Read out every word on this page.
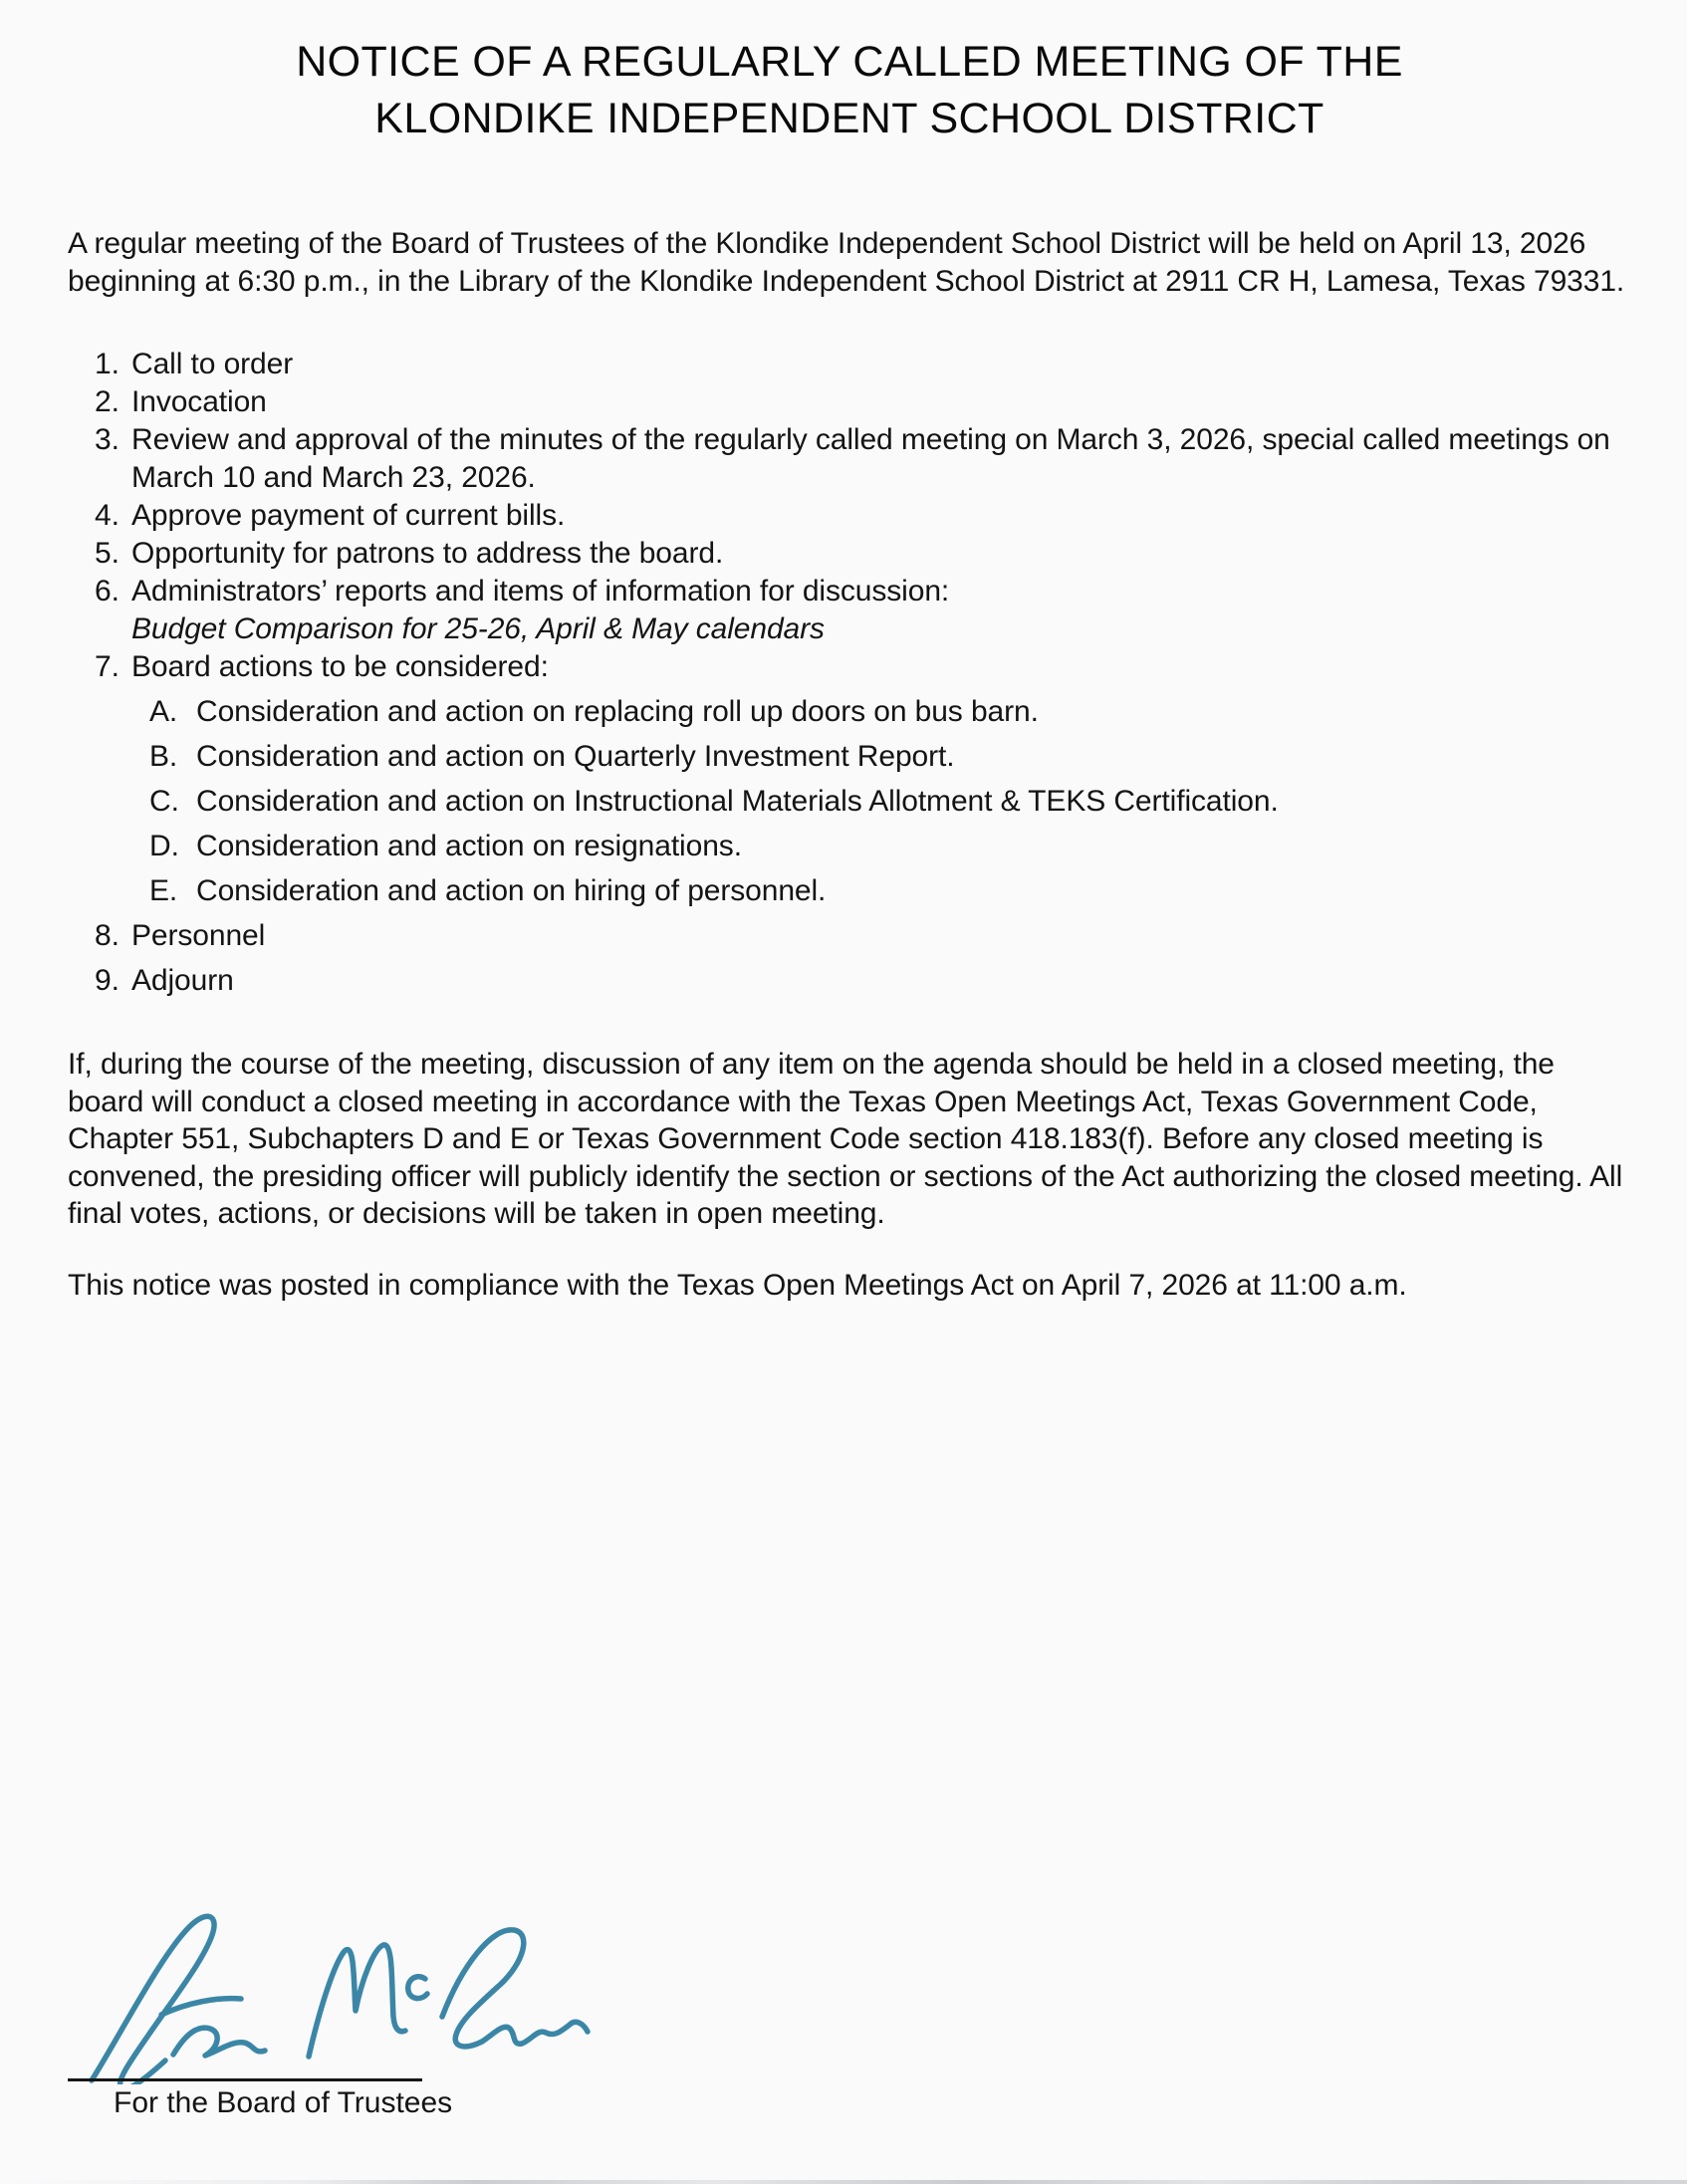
NOTICE OF A REGULARLY CALLED MEETING OF THE
KLONDIKE INDEPENDENT SCHOOL DISTRICT

A regular meeting of the Board of Trustees of the Klondike Independent School District will be held on April 13, 2026 beginning at 6:30 p.m., in the Library of the Klondike Independent School District at 2911 CR H, Lamesa, Texas 79331.

1. Call to order
2. Invocation
3. Review and approval of the minutes of the regularly called meeting on March 3, 2026, special called meetings on March 10 and March 23, 2026.
4. Approve payment of current bills.
5. Opportunity for patrons to address the board.
6. Administrators’ reports and items of information for discussion:
Budget Comparison for 25-26, April & May calendars
7. Board actions to be considered:
A. Consideration and action on replacing roll up doors on bus barn.
B. Consideration and action on Quarterly Investment Report.
C. Consideration and action on Instructional Materials Allotment & TEKS Certification.
D. Consideration and action on resignations.
E. Consideration and action on hiring of personnel.
8. Personnel
9. Adjourn

If, during the course of the meeting, discussion of any item on the agenda should be held in a closed meeting, the board will conduct a closed meeting in accordance with the Texas Open Meetings Act, Texas Government Code, Chapter 551, Subchapters D and E or Texas Government Code section 418.183(f). Before any closed meeting is convened, the presiding officer will publicly identify the section or sections of the Act authorizing the closed meeting. All final votes, actions, or decisions will be taken in open meeting.

This notice was posted in compliance with the Texas Open Meetings Act on April 7, 2026 at 11:00 a.m.

For the Board of Trustees
